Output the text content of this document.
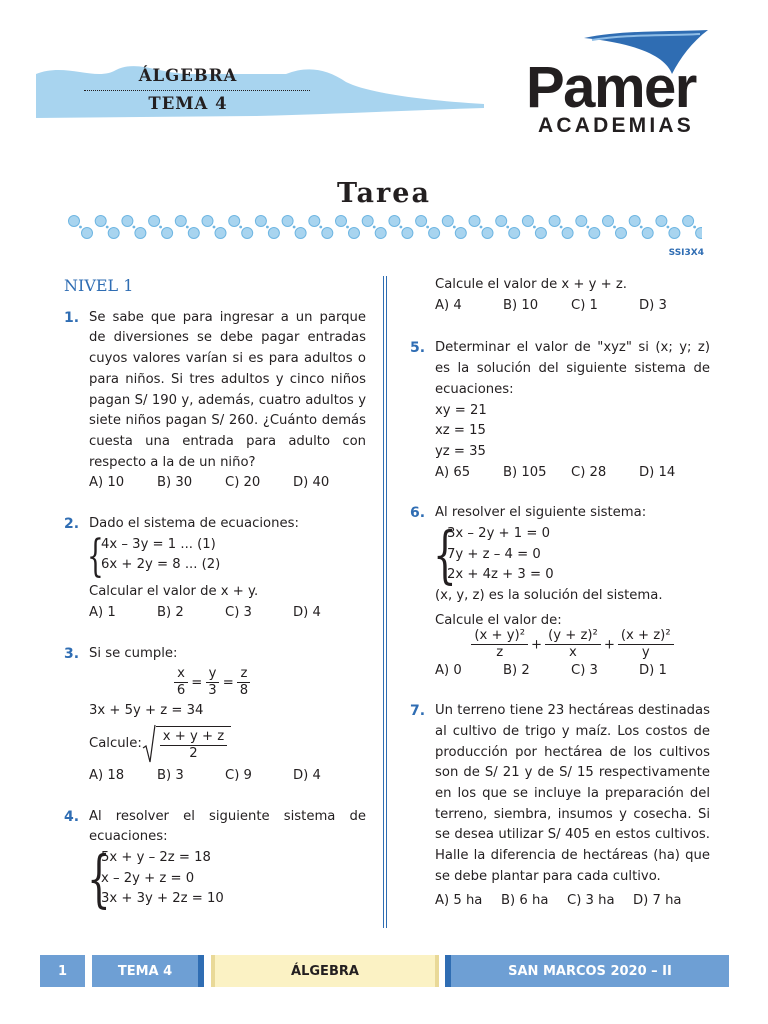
ÁLGEBRA
TEMA 4	Pamer
ACADEMIAS
Tarea
SSI3X4
NIVEL 1
1. Se sabe que para ingresar a un parque de diversiones se debe pagar entradas cuyos valores varían si es para adultos o para niños. Si tres adultos y cinco niños pagan S/ 190 y, además, cuatro adultos y siete niños pagan S/ 260. ¿Cuánto demás cuesta una entrada para adulto con respecto a la de un niño?
A) 10	B) 30	C) 20	D) 40
2. Dado el sistema de ecuaciones:
{
4x – 3y = 1 ... (1)
6x + 2y = 8 ... (2)
Calcular el valor de x + y.
A) 1	B) 2	C) 3	D) 4
3. Si se cumple:
$\frac{x}{6} = \frac{y}{3} = \frac{z}{8}$
3x + 5y + z = 34
Calcule: $\frac{x + y + z}{2}$
A) 18	B) 3	C) 9	D) 4
4. Al resolver el siguiente sistema de ecuaciones:
{
5x + y – 2z = 18
x – 2y + z = 0
3x + 3y + 2z = 10
Calcule el valor de x + y + z.
A) 4	B) 10	C) 1	D) 3
5. Determinar el valor de "xyz" si (x; y; z) es la solución del siguiente sistema de ecuaciones:
xy = 21
xz = 15
yz = 35
A) 65	B) 105	C) 28	D) 14
6. Al resolver el siguiente sistema:
{
3x – 2y + 1 = 0
7y + z – 4 = 0
2x + 4z + 3 = 0
(x, y, z) es la solución del sistema.
Calcule el valor de:
$\frac{\text{(x + y)²}}{z} + \frac{\text{(y + z)²}}{x} + \frac{\text{(x + z)²}}{y}$
A) 0	B) 2	C) 3	D) 1
7. Un terreno tiene 23 hectáreas destinadas al cultivo de trigo y maíz. Los costos de producción por hectárea de los cultivos son de S/ 21 y de S/ 15 respectivamente en los que se incluye la preparación del terreno, siembra, insumos y cosecha. Si se desea utilizar S/ 405 en estos cultivos. Halle la diferencia de hectáreas (ha) que se debe plantar para cada cultivo.
A) 5 ha	B) 6 ha	C) 3 ha	D) 7 ha
1	TEMA 4	ÁLGEBRA	SAN MARCOS 2020 – II
